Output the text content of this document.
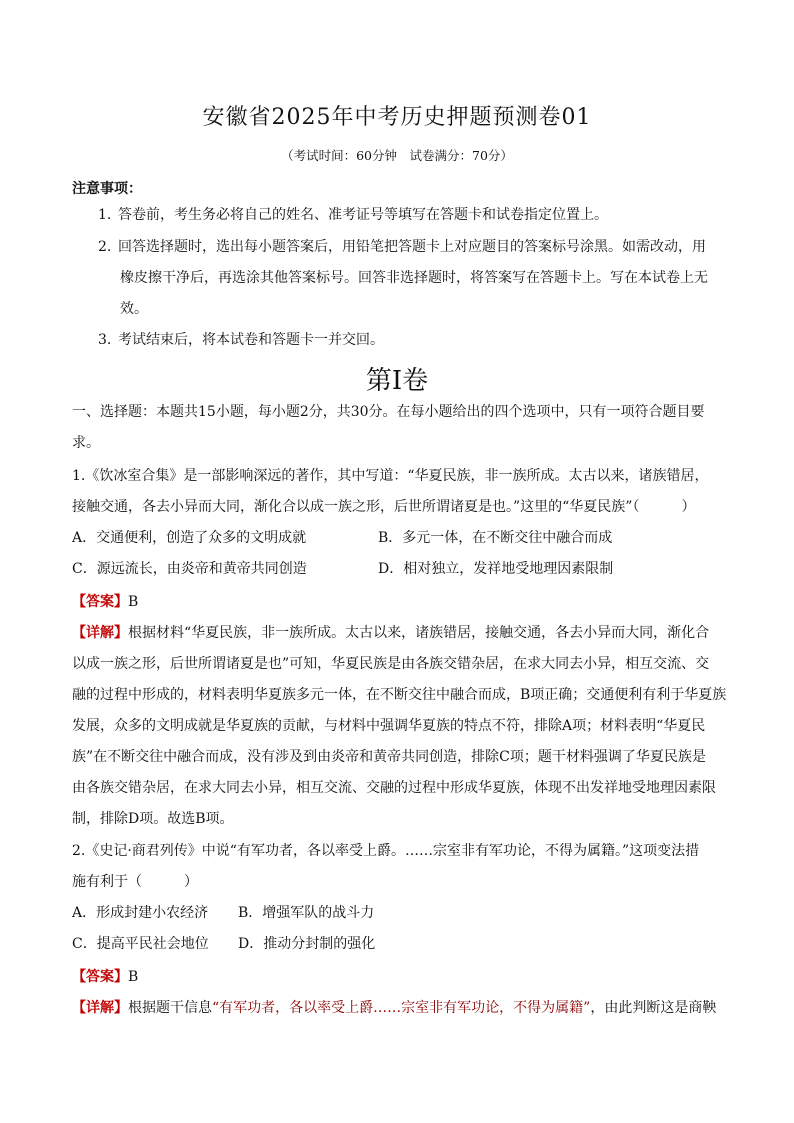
安徽省2025年中考历史押题预测卷01
（考试时间：60分钟　试卷满分：70分）
注意事项：
1. 答卷前，考生务必将自己的姓名、准考证号等填写在答题卡和试卷指定位置上。
2. 回答选择题时，选出每小题答案后，用铅笔把答题卡上对应题目的答案标号涂黑。如需改动，用
橡皮擦干净后，再选涂其他答案标号。回答非选择题时，将答案写在答题卡上。写在本试卷上无
效。
3. 考试结束后，将本试卷和答题卡一并交回。
第Ⅰ卷
一、选择题：本题共15小题，每小题2分，共30分。在每小题给出的四个选项中，只有一项符合题目要
求。
1.《饮冰室合集》是一部影响深远的著作，其中写道：“华夏民族，非一族所成。太古以来，诸族错居，
接触交通，各去小异而大同，渐化合以成一族之形，后世所谓诸夏是也。”这里的“华夏民族”（　　　）
A．交通便利，创造了众多的文明成就	B．多元一体，在不断交往中融合而成
C．源远流长，由炎帝和黄帝共同创造	D．相对独立，发祥地受地理因素限制
【答案】B
【详解】根据材料“华夏民族，非一族所成。太古以来，诸族错居，接触交通，各去小异而大同，渐化合
以成一族之形，后世所谓诸夏是也”可知，华夏民族是由各族交错杂居，在求大同去小异，相互交流、交
融的过程中形成的，材料表明华夏族多元一体，在不断交往中融合而成，B项正确；交通便利有利于华夏族
发展，众多的文明成就是华夏族的贡献，与材料中强调华夏族的特点不符，排除A项；材料表明“华夏民
族”在不断交往中融合而成，没有涉及到由炎帝和黄帝共同创造，排除C项；题干材料强调了华夏民族是
由各族交错杂居，在求大同去小异，相互交流、交融的过程中形成华夏族，体现不出发祥地受地理因素限
制，排除D项。故选B项。
2.《史记·商君列传》中说“有军功者，各以率受上爵。……宗室非有军功论，不得为属籍。”这项变法措
施有利于（　　　）
A．形成封建小农经济 B．增强军队的战斗力
C．提高平民社会地位 D．推动分封制的强化
【答案】B
【详解】根据题干信息“有军功者，各以率受上爵……宗室非有军功论，不得为属籍”，由此判断这是商鞅
